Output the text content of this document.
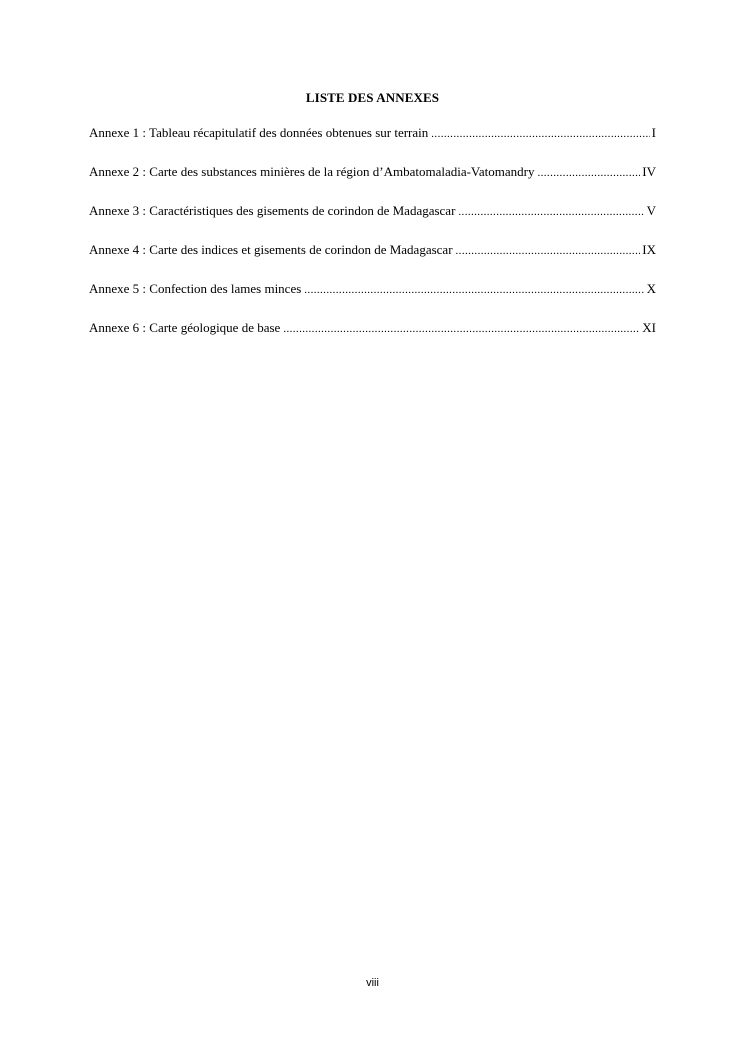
LISTE DES ANNEXES
Annexe 1 : Tableau récapitulatif des données obtenues sur terrain .....	I
Annexe 2 : Carte des substances minières de la région d’Ambatomaladia-Vatomandry .....	IV
Annexe 3 : Caractéristiques des gisements de corindon de Madagascar .....	V
Annexe 4 : Carte des indices et gisements de corindon de Madagascar .....	IX
Annexe 5 : Confection des lames minces .....	X
Annexe 6 : Carte géologique de base .....	XI
viii
